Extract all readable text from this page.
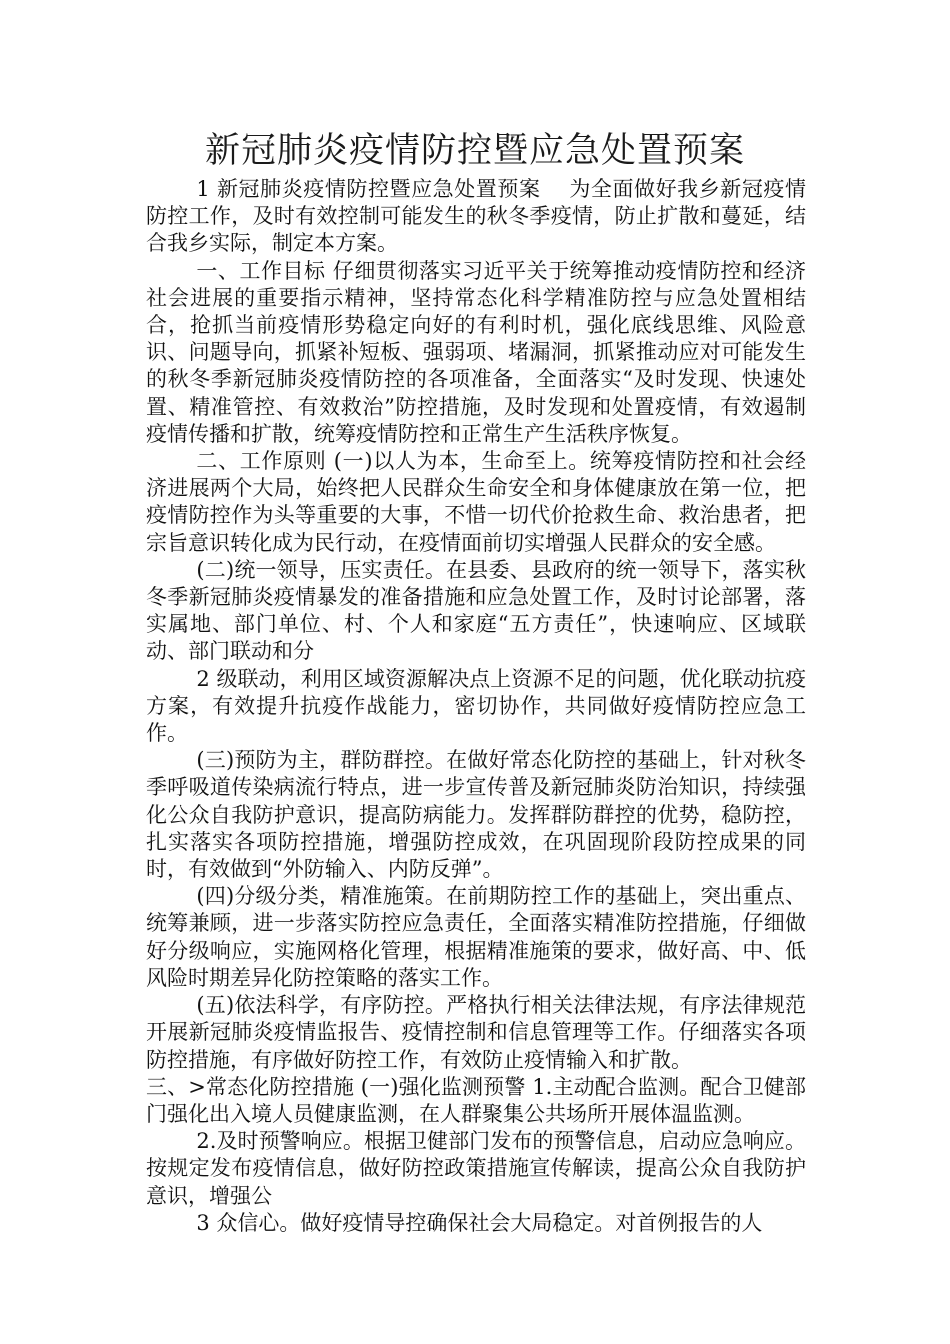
新冠肺炎疫情防控暨应急处置预案

1 新冠肺炎疫情防控暨应急处置预案　 为全面做好我乡新冠疫情防控工作，及时有效控制可能发生的秋冬季疫情，防止扩散和蔓延，结合我乡实际，制定本方案。

一、工作目标 仔细贯彻落实习近平关于统筹推动疫情防控和经济社会进展的重要指示精神，坚持常态化科学精准防控与应急处置相结合，抢抓当前疫情形势稳定向好的有利时机，强化底线思维、风险意识、问题导向，抓紧补短板、强弱项、堵漏洞，抓紧推动应对可能发生的秋冬季新冠肺炎疫情防控的各项准备，全面落实“及时发现、快速处置、精准管控、有效救治”防控措施，及时发现和处置疫情，有效遏制疫情传播和扩散，统筹疫情防控和正常生产生活秩序恢复。

二、工作原则 (一)以人为本，生命至上。统筹疫情防控和社会经济进展两个大局，始终把人民群众生命安全和身体健康放在第一位，把疫情防控作为头等重要的大事，不惜一切代价抢救生命、救治患者，把宗旨意识转化成为民行动，在疫情面前切实增强人民群众的安全感。

(二)统一领导，压实责任。在县委、县政府的统一领导下，落实秋冬季新冠肺炎疫情暴发的准备措施和应急处置工作，及时讨论部署，落实属地、部门单位、村、个人和家庭“五方责任”，快速响应、区域联动、部门联动和分

2 级联动，利用区域资源解决点上资源不足的问题，优化联动抗疫方案，有效提升抗疫作战能力，密切协作，共同做好疫情防控应急工作。

(三)预防为主，群防群控。在做好常态化防控的基础上，针对秋冬季呼吸道传染病流行特点，进一步宣传普及新冠肺炎防治知识，持续强化公众自我防护意识，提高防病能力。发挥群防群控的优势，稳防控，扎实落实各项防控措施，增强防控成效，在巩固现阶段防控成果的同时，有效做到“外防输入、内防反弹”。

(四)分级分类，精准施策。在前期防控工作的基础上，突出重点、统筹兼顾，进一步落实防控应急责任，全面落实精准防控措施，仔细做好分级响应，实施网格化管理，根据精准施策的要求，做好高、中、低风险时期差异化防控策略的落实工作。

(五)依法科学，有序防控。严格执行相关法律法规，有序法律规范开展新冠肺炎疫情监报告、疫情控制和信息管理等工作。仔细落实各项防控措施，有序做好防控工作，有效防止疫情输入和扩散。

三、>常态化防控措施 (一)强化监测预警 1.主动配合监测。配合卫健部门强化出入境人员健康监测，在人群聚集公共场所开展体温监测。

2.及时预警响应。根据卫健部门发布的预警信息，启动应急响应。按规定发布疫情信息，做好防控政策措施宣传解读，提高公众自我防护意识，增强公

3 众信心。做好疫情导控确保社会大局稳定。对首例报告的人
